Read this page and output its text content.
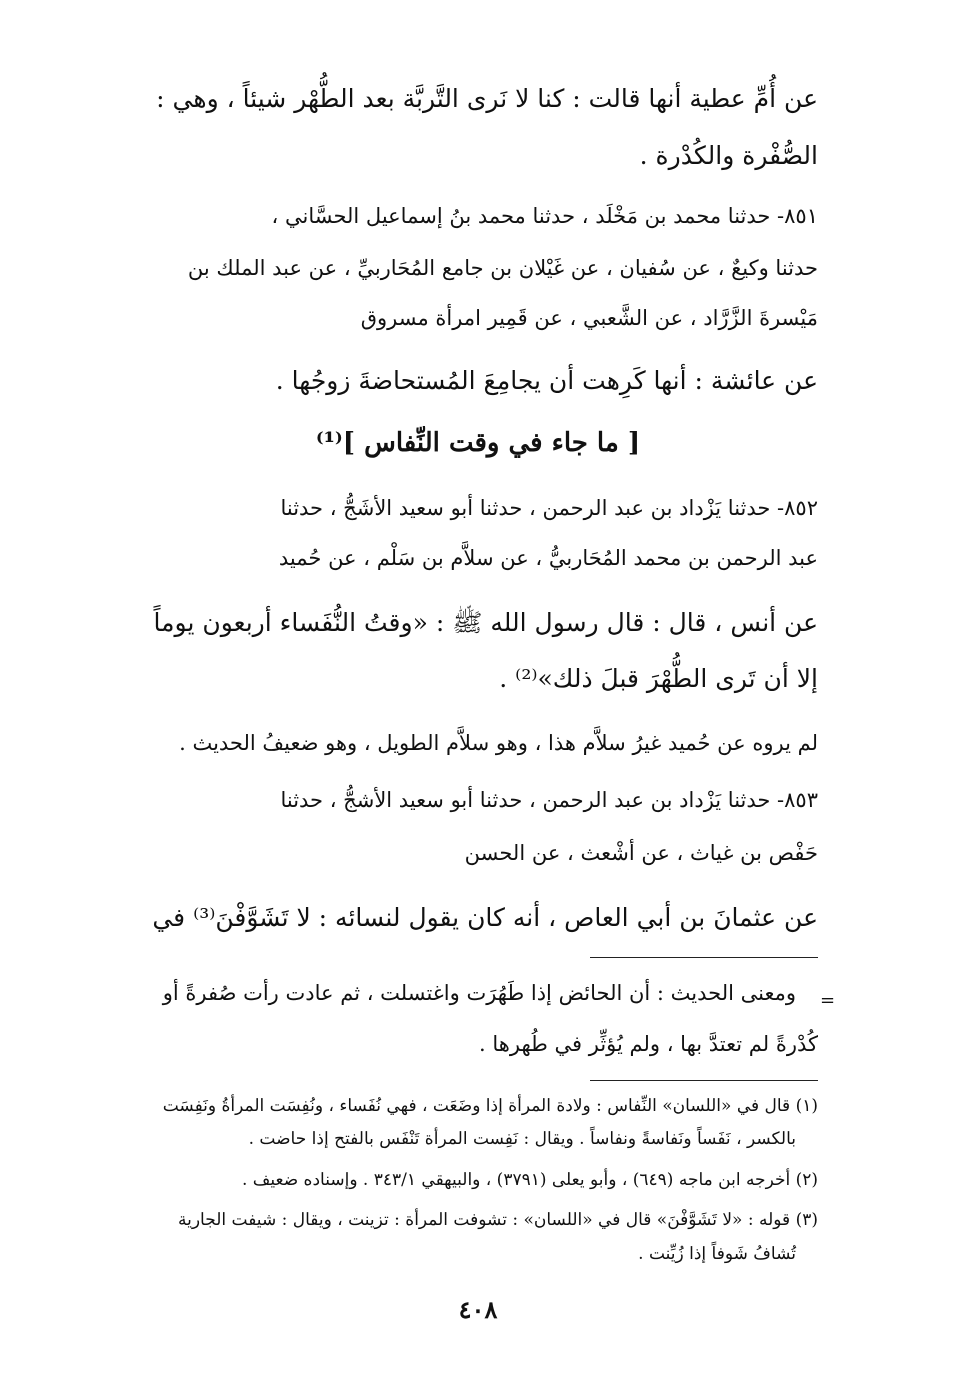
عن أُمِّ عطية أنها قالت : كنا لا نَرى التَّربَّة بعد الطُّهْر شيئاً ، وهي :
الصُّفْرة والكُدْرة .
٨٥١- حدثنا محمد بن مَخْلَد ، حدثنا محمد بنُ إسماعيل الحسَّاني ،
حدثنا وكيعٌ ، عن سُفيان ، عن غَيْلان بن جامع المُحَاربيِّ ، عن عبد الملك بن
مَيْسرةَ الزَّرَّاد ، عن الشَّعبي ، عن قَمِير امرأة مسروق
عن عائشة : أنها كَرِهت أن يجامِعَ المُستحاضةَ زوجُها .
[ ما جاء في وقت النِّفاس ]⁽¹⁾
٨٥٢- حدثنا يَزْداد بن عبد الرحمن ، حدثنا أبو سعيد الأشَجُّ ، حدثنا
عبد الرحمن بن محمد المُحَاربيُّ ، عن سلاَّم بن سَلْم ، عن حُميد
عن أنس ، قال : قال رسول الله ﷺ : «وقتُ النُّفَساء أربعون يوماً
إلا أن تَرى الطُّهْرَ قبلَ ذلك»⁽²⁾ .
لم يروه عن حُميد غيرُ سلاَّم هذا ، وهو سلاَّم الطويل ، وهو ضعيفُ الحديث .
٨٥٣- حدثنا يَزْداد بن عبد الرحمن ، حدثنا أبو سعيد الأشجُّ ، حدثنا
حَفْص بن غياث ، عن أشْعث ، عن الحسن
عن عثمانَ بن أبي العاص ، أنه كان يقول لنسائه : لا تَشَوَّفْنَ⁽³⁾ في
=
ومعنى الحديث : أن الحائض إذا طَهُرَت واغتسلت ، ثم عادت رأت صُفرةً أو
كُدْرةً لم تعتدَّ بها ، ولم يُؤثِّر في طُهرها .
(١) قال في «اللسان» النِّفاس : ولادة المرأة إذا وضَعَت ، فهي نُفَساء ، ونُفِسَت المرأةُ ونَفِسَت
بالكسر ، نَفَساً ونَفاسةً ونفاساً . ويقال : نَفِست المرأة تَنْفَس بالفتح إذا حاضت .
(٢) أخرجه ابن ماجه (٦٤٩) ، وأبو يعلى (٣٧٩١) ، والبيهقي ٣٤٣/١ . وإسناده ضعيف .
(٣) قوله : «لا تَشَوَّفْنَ» قال في «اللسان» : تشوفت المرأة : تزينت ، ويقال : شيفت الجارية
تُشافُ شَوفاً إذا زُيِّنت .
٤٠٨
